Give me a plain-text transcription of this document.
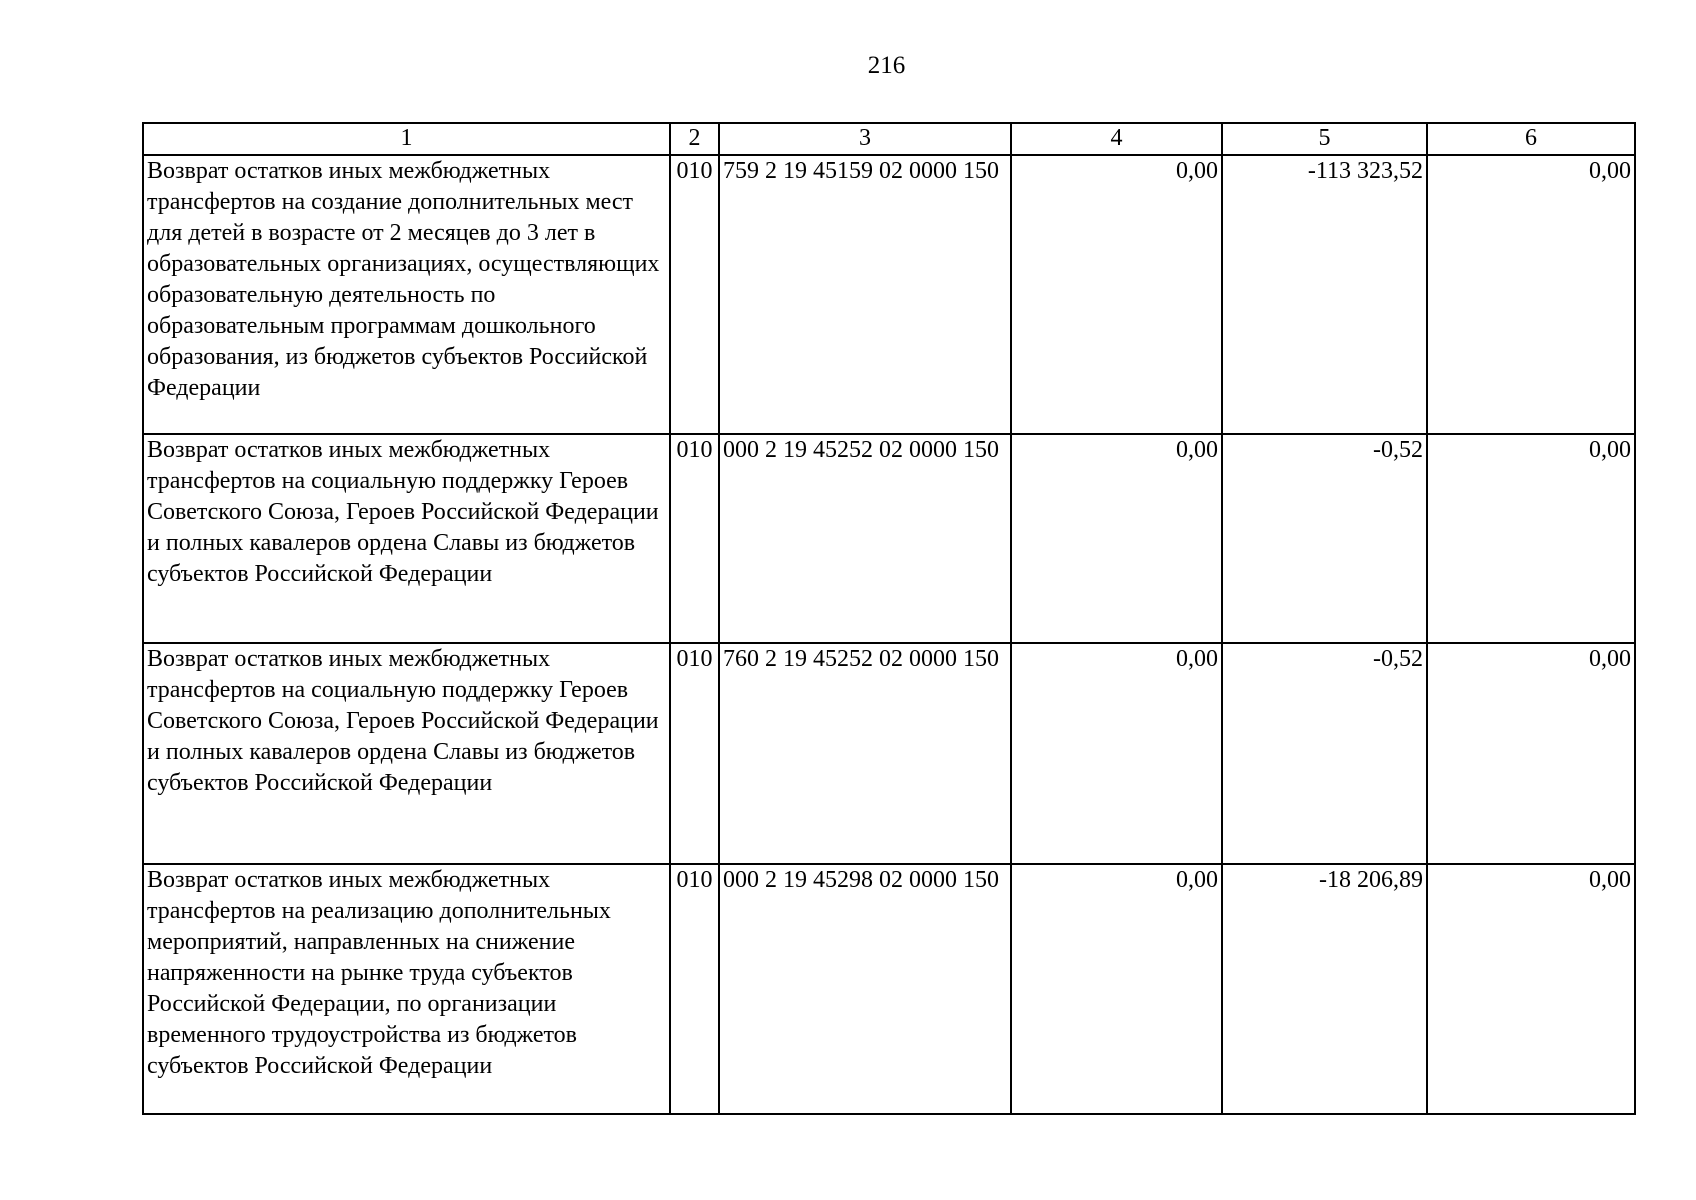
216
1	2	3	4	5	6
Возврат остатков иных межбюджетных трансфертов на создание дополнительных мест для детей в возрасте от 2 месяцев до 3 лет в образовательных организациях, осуществляющих образовательную деятельность по образовательным программам дошкольного образования, из бюджетов субъектов Российской Федерации	010	759 2 19 45159 02 0000 150	0,00	-113 323,52	0,00
Возврат остатков иных межбюджетных трансфертов на социальную поддержку Героев Советского Союза, Героев Российской Федерации и полных кавалеров ордена Славы из бюджетов субъектов Российской Федерации	010	000 2 19 45252 02 0000 150	0,00	-0,52	0,00
Возврат остатков иных межбюджетных трансфертов на социальную поддержку Героев Советского Союза, Героев Российской Федерации и полных кавалеров ордена Славы из бюджетов субъектов Российской Федерации	010	760 2 19 45252 02 0000 150	0,00	-0,52	0,00
Возврат остатков иных межбюджетных трансфертов на реализацию дополнительных мероприятий, направленных на снижение напряженности на рынке труда субъектов Российской Федерации, по организации временного трудоустройства из бюджетов субъектов Российской Федерации	010	000 2 19 45298 02 0000 150	0,00	-18 206,89	0,00
